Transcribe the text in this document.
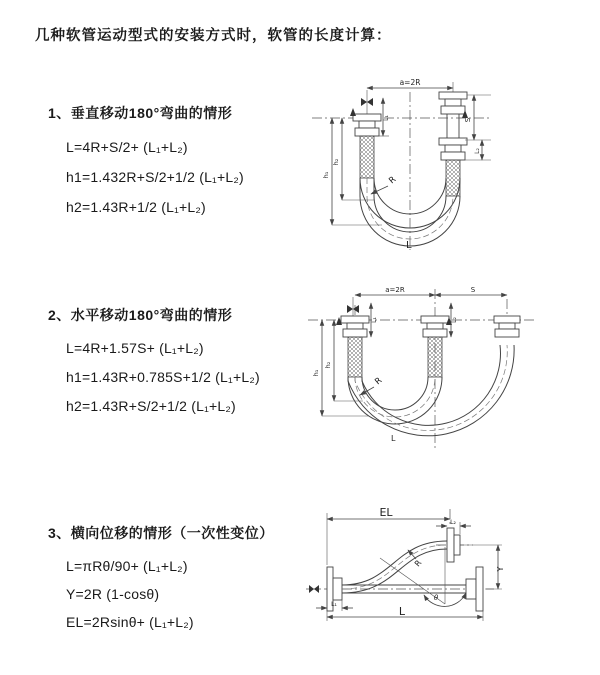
几种软管运动型式的安装方式时，软管的长度计算：
1、垂直移动180°弯曲的情形
L=4R+S/2+ (L₁+L₂)
h1=1.432R+S/2+1/2 (L₁+L₂)
h2=1.43R+1/2 (L₁+L₂)
a=2R
S
L₂
L₁
h₁
h₂
R
L
2、水平移动180°弯曲的情形
L=4R+1.57S+ (L₁+L₂)
h1=1.43R+0.785S+1/2 (L₁+L₂)
h2=1.43R+S/2+1/2 (L₁+L₂)
a=2R	S
L₁	L₂
h₁
h₂
R
L
3、横向位移的情形（一次性变位）
L=πRθ/90+ (L₁+L₂)
Y=2R (1-cosθ)
EL=2Rsinθ+ (L₁+L₂)
EL
L₂
Y
θ
R
L₁
L
